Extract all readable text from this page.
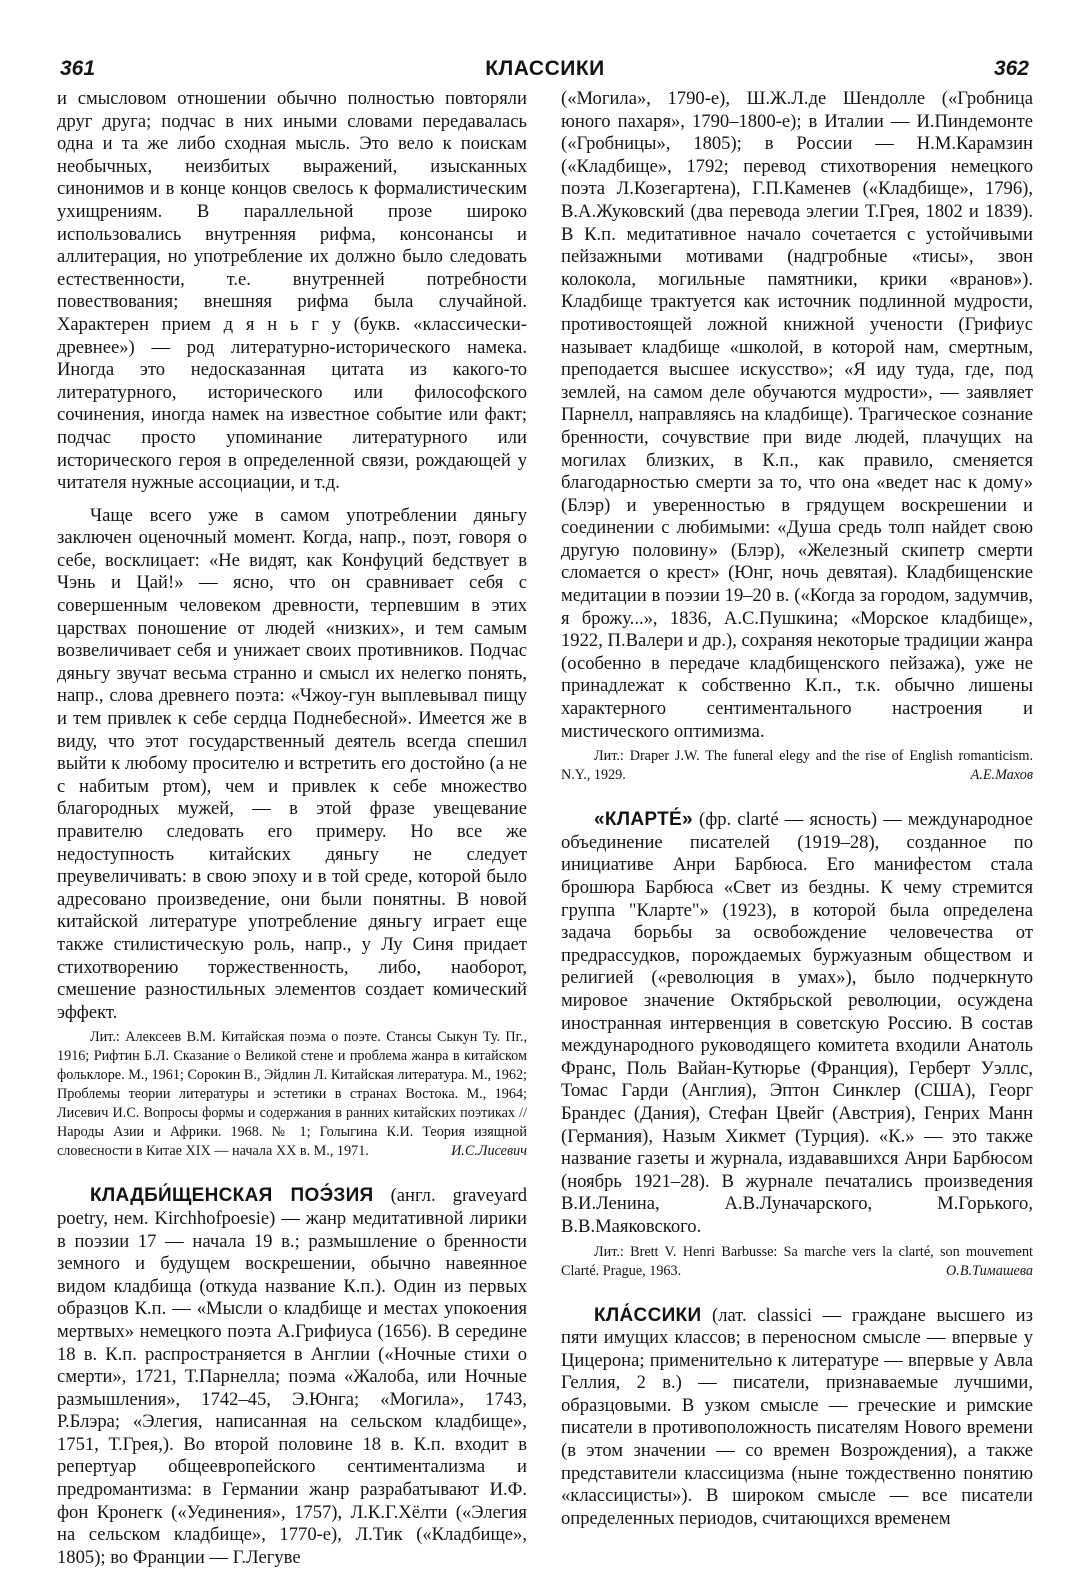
361	КЛАССИКИ	362

и смысловом отношении обычно полностью повторяли друг друга; подчас в них иными словами передавалась одна и та же либо сходная мысль. Это вело к поискам необычных, неизбитых выражений, изысканных синонимов и в конце концов свелось к формалистическим ухищрениям. В параллельной прозе широко использовались внутренняя рифма, консонансы и аллитерация, но употребление их должно было следовать естественности, т.е. внутренней потребности повествования; внешняя рифма была случайной. Характерен прием д я н ь г у (букв. «классически-древнее») — род литературно-исторического намека. Иногда это недосказанная цитата из какого-то литературного, исторического или философского сочинения, иногда намек на известное событие или факт; подчас просто упоминание литературного или исторического героя в определенной связи, рождающей у читателя нужные ассоциации, и т.д.

Чаще всего уже в самом употреблении дяньгу заключен оценочный момент. Когда, напр., поэт, говоря о себе, восклицает: «Не видят, как Конфуций бедствует в Чэнь и Цай!» — ясно, что он сравнивает себя с совершенным человеком древности, терпевшим в этих царствах поношение от людей «низких», и тем самым возвеличивает себя и унижает своих противников. Подчас дяньгу звучат весьма странно и смысл их нелегко понять, напр., слова древнего поэта: «Чжоу-гун выплевывал пищу и тем привлек к себе сердца Поднебесной». Имеется же в виду, что этот государственный деятель всегда спешил выйти к любому просителю и встретить его достойно (а не с набитым ртом), чем и привлек к себе множество благородных мужей, — в этой фразе увещевание правителю следовать его примеру. Но все же недоступность китайских дяньгу не следует преувеличивать: в свою эпоху и в той среде, которой было адресовано произведение, они были понятны. В новой китайской литературе употребление дяньгу играет еще также стилистическую роль, напр., у Лу Синя придает стихотворению торжественность, либо, наоборот, смешение разностильных элементов создает комический эффект.

Лит.: Алексеев В.М. Китайская поэма о поэте. Стансы Сыкун Ту. Пг., 1916; Рифтин Б.Л. Сказание о Великой стене и проблема жанра в китайском фольклоре. М., 1961; Сорокин В., Эйдлин Л. Китайская литература. М., 1962; Проблемы теории литературы и эстетики в странах Востока. М., 1964; Лисевич И.С. Вопросы формы и содержания в ранних китайских поэтиках // Народы Азии и Африки. 1968. № 1; Голыгина К.И. Теория изящной словесности в Китае XIX — начала XX в. М., 1971.	И.С.Лисевич

КЛАДБИ́ЩЕНСКАЯ ПОЭ́ЗИЯ (англ. graveyard poetry, нем. Kirchhofpoesie) — жанр медитативной лирики в поэзии 17 — начала 19 в.; размышление о бренности земного и будущем воскрешении, обычно навеянное видом кладбища (откуда название К.п.). Один из первых образцов К.п. — «Мысли о кладбище и местах упокоения мертвых» немецкого поэта А.Грифиуса (1656). В середине 18 в. К.п. распространяется в Англии («Ночные стихи о смерти», 1721, Т.Парнелла; поэма «Жалоба, или Ночные размышления», 1742–45, Э.Юнга; «Могила», 1743, Р.Блэра; «Элегия, написанная на сельском кладбище», 1751, Т.Грея,). Во второй половине 18 в. К.п. входит в репертуар общеевропейского сентиментализма и предромантизма: в Германии жанр разрабатывают И.Ф. фон Кронегк («Уединения», 1757), Л.К.Г.Хёлти («Элегия на сельском кладбище», 1770-е), Л.Тик («Кладбище», 1805); во Франции — Г.Легуве

(«Могила», 1790-е), Ш.Ж.Л.де Шендолле («Гробница юного пахаря», 1790–1800-е); в Италии — И.Пиндемонте («Гробницы», 1805); в России — Н.М.Карамзин («Кладбище», 1792; перевод стихотворения немецкого поэта Л.Козегартена), Г.П.Каменев («Кладбище», 1796), В.А.Жуковский (два перевода элегии Т.Грея, 1802 и 1839). В К.п. медитативное начало сочетается с устойчивыми пейзажными мотивами (надгробные «тисы», звон колокола, могильные памятники, крики «вранов»). Кладбище трактуется как источник подлинной мудрости, противостоящей ложной книжной учености (Грифиус называет кладбище «школой, в которой нам, смертным, преподается высшее искусство»; «Я иду туда, где, под землей, на самом деле обучаются мудрости», — заявляет Парнелл, направляясь на кладбище). Трагическое сознание бренности, сочувствие при виде людей, плачущих на могилах близких, в К.п., как правило, сменяется благодарностью смерти за то, что она «ведет нас к дому» (Блэр) и уверенностью в грядущем воскрешении и соединении с любимыми: «Душа средь толп найдет свою другую половину» (Блэр), «Железный скипетр смерти сломается о крест» (Юнг, ночь девятая). Кладбищенские медитации в поэзии 19–20 в. («Когда за городом, задумчив, я брожу...», 1836, А.С.Пушкина; «Морское кладбище», 1922, П.Валери и др.), сохраняя некоторые традиции жанра (особенно в передаче кладбищенского пейзажа), уже не принадлежат к собственно К.п., т.к. обычно лишены характерного сентиментального настроения и мистического оптимизма.

Лит.: Draper J.W. The funeral elegy and the rise of English romanticism. N.Y., 1929.	А.Е.Махов

«КЛАРТЕ́» (фр. clarté — ясность) — международное объединение писателей (1919–28), созданное по инициативе Анри Барбюса. Его манифестом стала брошюра Барбюса «Свет из бездны. К чему стремится группа "Кларте"» (1923), в которой была определена задача борьбы за освобождение человечества от предрассудков, порождаемых буржуазным обществом и религией («революция в умах»), было подчеркнуто мировое значение Октябрьской революции, осуждена иностранная интервенция в советскую Россию. В состав международного руководящего комитета входили Анатоль Франс, Поль Вайан-Кутюрье (Франция), Герберт Уэллс, Томас Гарди (Англия), Эптон Синклер (США), Георг Брандес (Дания), Стефан Цвейг (Австрия), Генрих Манн (Германия), Назым Хикмет (Турция). «К.» — это также название газеты и журнала, издававшихся Анри Барбюсом (ноябрь 1921–28). В журнале печатались произведения В.И.Ленина, А.В.Луначарского, М.Горького, В.В.Маяковского.

Лит.: Brett V. Henri Barbusse: Sa marche vers la clarté, son mouvement Clarté. Prague, 1963.	О.В.Тимашева

КЛА́ССИКИ (лат. classici — граждане высшего из пяти имущих классов; в переносном смысле — впервые у Цицерона; применительно к литературе — впервые у Авла Геллия, 2 в.) — писатели, признаваемые лучшими, образцовыми. В узком смысле — греческие и римские писатели в противоположность писателям Нового времени (в этом значении — со времен Возрождения), а также представители классицизма (ныне тождественно понятию «классицисты»). В широком смысле — все писатели определенных периодов, считающихся временем
